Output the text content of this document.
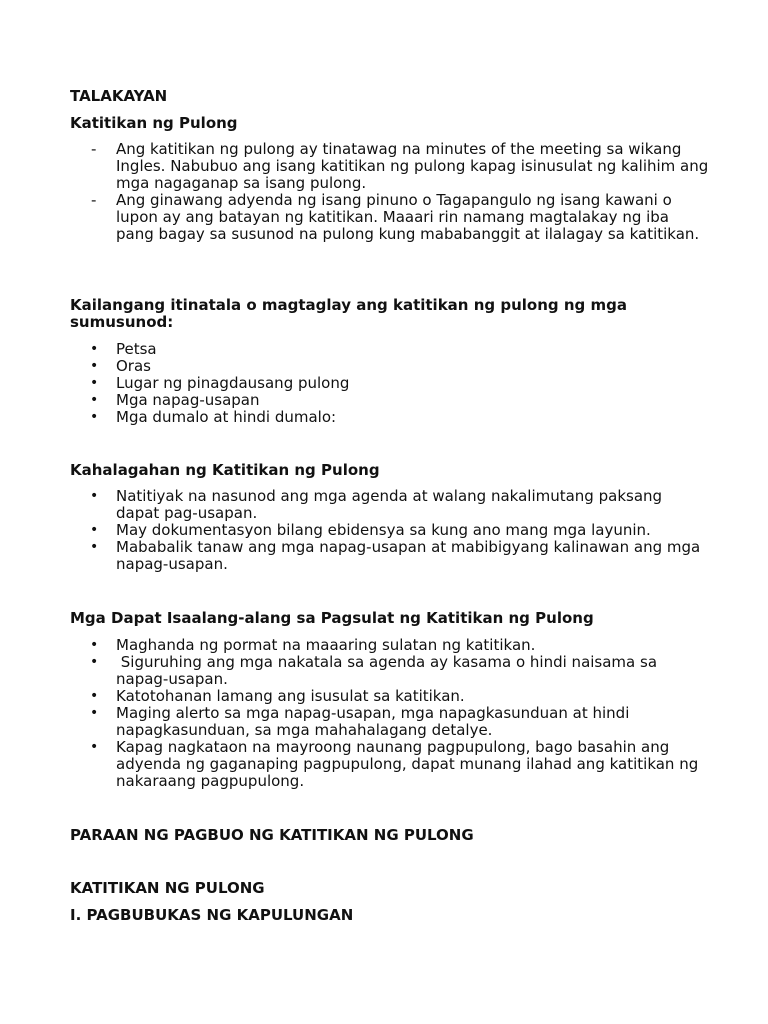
TALAKAYAN
Katitikan ng Pulong
-	Ang katitikan ng pulong ay tinatawag na minutes of the meeting sa wikang Ingles. Nabubuo ang isang katitikan ng pulong kapag isinusulat ng kalihim ang mga nagaganap sa isang pulong.
-	Ang ginawang adyenda ng isang pinuno o Tagapangulo ng isang kawani o lupon ay ang batayan ng katitikan. Maaari rin namang magtalakay ng iba pang bagay sa susunod na pulong kung mababanggit at ilalagay sa katitikan.
Kailangang itinatala o magtaglay ang katitikan ng pulong ng mga sumusunod:
•	Petsa
•	Oras
•	Lugar ng pinagdausang pulong
•	Mga napag-usapan
•	Mga dumalo at hindi dumalo:
Kahalagahan ng Katitikan ng Pulong
•	Natitiyak na nasunod ang mga agenda at walang nakalimutang paksang dapat pag-usapan.
•	May dokumentasyon bilang ebidensya sa kung ano mang mga layunin.
•	Mababalik tanaw ang mga napag-usapan at mabibigyang kalinawan ang mga napag-usapan.
Mga Dapat Isaalang-alang sa Pagsulat ng Katitikan ng Pulong
•	Maghanda ng pormat na maaaring sulatan ng katitikan.
•	Siguruhing ang mga nakatala sa agenda ay kasama o hindi naisama sa napag-usapan.
•	Katotohanan lamang ang isusulat sa katitikan.
•	Maging alerto sa mga napag-usapan, mga napagkasunduan at hindi napagkasunduan, sa mga mahahalagang detalye.
•	Kapag nagkataon na mayroong naunang pagpupulong, bago basahin ang adyenda ng gaganaping pagpupulong, dapat munang ilahad ang katitikan ng nakaraang pagpupulong.
PARAAN NG PAGBUO NG KATITIKAN NG PULONG
KATITIKAN NG PULONG
I. PAGBUBUKAS NG KAPULUNGAN
